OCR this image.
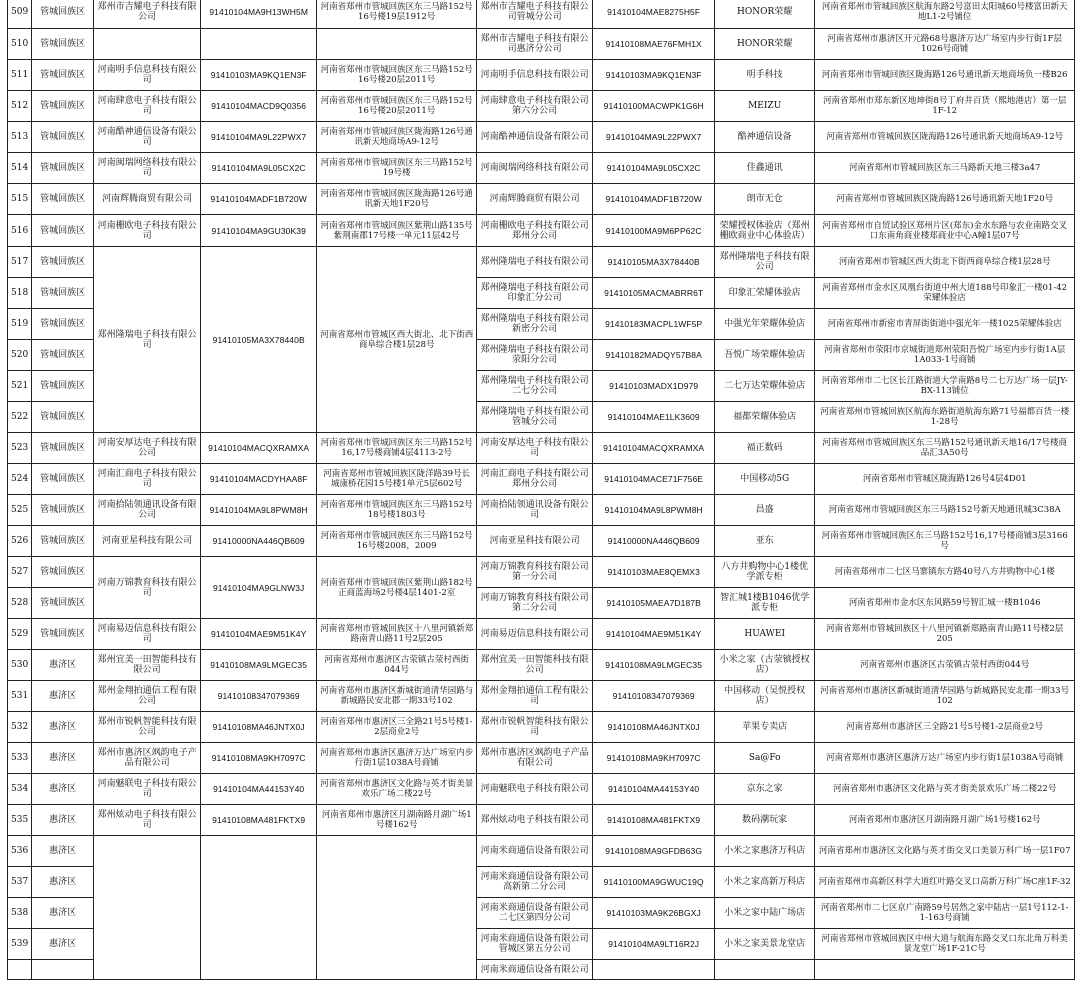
509	管城回族区	郑州市吉耀电子科技有限公司	91410104MA9H13WH5M	河南省郑州市管城回族区东三马路152号16号楼19层1912号	郑州市吉耀电子科技有限公司管城分公司	91410104MAE8275H5F	HONOR荣耀	河南省郑州市管城回族区航海东路2号富田太阳城60号楼富田新天地L1-2号铺位
510	管城回族区				郑州市吉耀电子科技有限公司惠济分公司	91410108MAE76FMH1X	HONOR荣耀	河南省郑州市惠济区开元路68号惠济万达广场室内步行街1F层1026号商铺
511	管城回族区	河南明手信息科技有限公司	91410103MA9KQ1EN3F	河南省郑州市管城回族区东三马路152号16号楼20层2011号	河南明手信息科技有限公司	91410103MA9KQ1EN3F	明手科技	河南省郑州市管城回族区陇海路126号通讯新天地商场负一楼B26
512	管城回族区	河南肆意电子科技有限公司	91410104MACD9Q0356	河南省郑州市管城回族区东三马路152号16号楼20层2011号	河南肆意电子科技有限公司第六分公司	91410100MACWPK1G6H	MEIZU	河南省郑州市郑东新区地坤街8号丁府井百货（熙地港店）第一层1F-12
513	管城回族区	河南酷神通信设备有限公司	91410104MA9L22PWX7	河南省郑州市管城回族区陇海路126号通讯新天地商场A9-12号	河南酷神通信设备有限公司	91410104MA9L22PWX7	酷神通信设备	河南省郑州市管城回族区陇海路126号通讯新天地商场A9-12号
514	管城回族区	河南闽瑞网络科技有限公司	91410104MA9L05CX2C	河南省郑州市管城回族区东三马路152号19号楼	河南闽瑞网络科技有限公司	91410104MA9L05CX2C	佳鑫通讯	河南省郑州市管城回族区东三马路新天地三楼3a47
515	管城回族区	河南辉腾商贸有限公司	91410104MADF1B720W	河南省郑州市管城回族区陇海路126号通讯新天地1F20号	河南辉腾商贸有限公司	91410104MADF1B720W	朗市无仓	河南省郑州市管城回族区陇海路126号通讯新天地1F20号
516	管城回族区	河南栅欧电子科技有限公司	91410104MA9GU30K39	河南省郑州市管城回族区紫荆山路135号紫荆南郡17号楼一单元11层42号	河南栅欧电子科技有限公司郑州分公司	91410100MA9M6PP62C	荣耀授权体验店（郑州栅欧商业中心体验店）	河南省郑州市自贸试验区郑州片区(郑东)金水东路与农业南路交叉口东南角商业楼郑商业中心A幢1层07号
517	管城回族区	郑州隆瑞电子科技有限公司	91410105MA3X78440B	河南省郑州市管城区西大街北、北下街西商阜综合楼1层28号	郑州隆瑞电子科技有限公司	91410105MA3X78440B	郑州隆瑞电子科技有限公司	河南省郑州市管城区西大街北下街西商阜综合楼1层28号
518	管城回族区				郑州隆瑞电子科技有限公司印象汇分公司	91410105MACMABRR6T	印象汇荣耀体验店	河南省郑州市金水区凤凰台街道中州大道188号印象汇一楼01-42荣耀体验店
519	管城回族区				郑州隆瑞电子科技有限公司新密分公司	91410183MACPL1WF5P	中强光年荣耀体验店	河南省郑州市新密市青屏街街道中强光年一楼1025荣耀体验店
520	管城回族区				郑州隆瑞电子科技有限公司荥阳分公司	91410182MADQY57B8A	吾悦广场荣耀体验店	河南省郑州市荥阳市京城街道郑州荥阳吾悦广场室内步行街1A层1A033-1号商铺
521	管城回族区				郑州隆瑞电子科技有限公司二七分公司	91410103MADX1D979	二七万达荣耀体验店	河南省郑州市二七区长江路街道大学南路8号二七万达广场一层JY-BX-113铺位
522	管城回族区				郑州隆瑞电子科技有限公司管城分公司	91410104MAE1LK3609	福都荣耀体验店	河南省郑州市管城回族区航海东路街道航海东路71号福都百货一楼1-28号
523	管城回族区	河南安厚达电子科技有限公司	91410104MACQXRAMXA	河南省郑州市管城回族区东三马路152号16,17号楼商铺4层4113-2号	河南安厚达电子科技有限公司	91410104MACQXRAMXA	福正数码	河南省郑州市管城回族区东三马路152号通讯新天地16/17号楼商品汇3A50号
524	管城回族区	河南汇商电子科技有限公司	91410104MACDYHAA8F	河南省郑州市管城回族区陇洋路39号长城康桥花园15号楼1单元5层602号	河南汇商电子科技有限公司郑州分公司	91410104MACE71F756E	中国移动5G	河南省郑州市管城区陇海路126号4层4D01
525	管城回族区	河南拾陆领通讯设备有限公司	91410104MA9L8PWM8H	河南省郑州市管城回族区东三马路152号18号楼1803号	河南拾陆领通讯设备有限公司	91410104MA9L8PWM8H	昌盛	河南省郑州市管城回族区东三马路152号新天地通讯城3C38A
526	管城回族区	河南亚星科技有限公司	91410000NA446QB609	河南省郑州市管城回族区东三马路152号16号楼2008，2009	河南亚星科技有限公司	91410000NA446QB609	亚东	河南省郑州市管城回族区东三马路152号16,17号楼商铺3层3166号
527	管城回族区	河南万锦教育科技有限公司	91410104MA9GLNW3J	河南省郑州市管城回族区紫荆山路182号正商蓝海场2号楼4层1401-2室	河南万锦教育科技有限公司第一分公司	91410103MAE8QEMX3	八方井购物中心1楼优学派专柜	河南省郑州市二七区马寨镇东方路40号八方井购物中心1楼
528	管城回族区				河南万锦教育科技有限公司第二分公司	91410105MAEA7D187B	智汇城1楼B1046优学派专柜	河南省郑州市金水区东风路59号智汇城一楼B1046
529	管城回族区	河南易迈信息科技有限公司	91410104MAE9M51K4Y	河南省郑州市管城回族区十八里河镇新郑路南青山路11号2层205	河南易迈信息科技有限公司	91410104MAE9M51K4Y	HUAWEI	河南省郑州市管城回族区十八里河镇新郑路南青山路11号楼2层205
530	惠济区	郑州宜美一田智能科技有限公司	91410108MA9LMGEC35	河南省郑州市惠济区古荥镇古荥村西街044号	郑州宜美一田智能科技有限公司	91410108MA9LMGEC35	小米之家（古荥镇授权店）	河南省郑州市惠济区古荥镇古荥村西街044号
531	惠济区	郑州金翔拍通信工程有限公司	91410108347079369	河南省郑州市惠济区新城街道清华园路与新城路民安北郡一期33号102	郑州金翔拍通信工程有限公司	91410108347079369	中国移动（吴悦授权店）	河南省郑州市惠济区新城街道清华园路与新城路民安北郡一期33号102
532	惠济区	郑州市锐帆智能科技有限公司	91410108MA46JNTX0J	河南省郑州市惠济区三全路21号5号楼1-2层商业2号	郑州市锐帆智能科技有限公司	91410108MA46JNTX0J	苹果专卖店	河南省郑州市惠济区三全路21号5号楼1-2层商业2号
533	惠济区	郑州市惠济区飒韵电子产品有限公司	91410108MA9KH7097C	河南省郑州市惠济区惠济万达广场室内步行街1层1038A号商铺	郑州市惠济区飒韵电子产品有限公司	91410108MA9KH7097C	Sa@Fo	河南省郑州市惠济区惠济万达广场室内步行街1层1038A号商铺
534	惠济区	河南魅联电子科技有限公司	91410104MA44153Y40	河南省郑州市惠济区文化路与英才街美景欢乐广场二楼22号	河南魅联电子科技有限公司	91410104MA44153Y40	京东之家	河南省郑州市惠济区文化路与英才街美景欢乐广场二楼22号
535	惠济区	郑州炫动电子科技有限公司	91410108MA481FKTX9	河南省郑州市惠济区月湖南路月湖广场1号楼162号	郑州炫动电子科技有限公司	91410108MA481FKTX9	数码潮玩家	河南省郑州市惠济区月湖南路月湖广场1号楼162号
536	惠济区				河南米商通信设备有限公司	91410108MA9GFDB63G	小米之家惠济万科店	河南省郑州市惠济区文化路与英才街交叉口美景万科广场一层1F07
537	惠济区				河南米商通信设备有限公司高新第二分公司	91410100MA9GWUC19Q	小米之家高新万科店	河南省郑州市高新区科学大道红叶路交叉口高新万科广场C座1F-32
538	惠济区				河南米商通信设备有限公司二七区第四分公司	91410103MA9K26BGXJ	小米之家中陆广场店	河南省郑州市二七区京广南路59号居然之家中陆店一层1号112-1-1-163号商铺
539	惠济区				河南米商通信设备有限公司管城区第五分公司	91410104MA9LT16R2J	小米之家美景龙堂店	河南省郑州市管城回族区中州大道与航海东路交叉口东北角万科美景龙堂广场1F-21C号
					河南米商通信设备有限公司			
